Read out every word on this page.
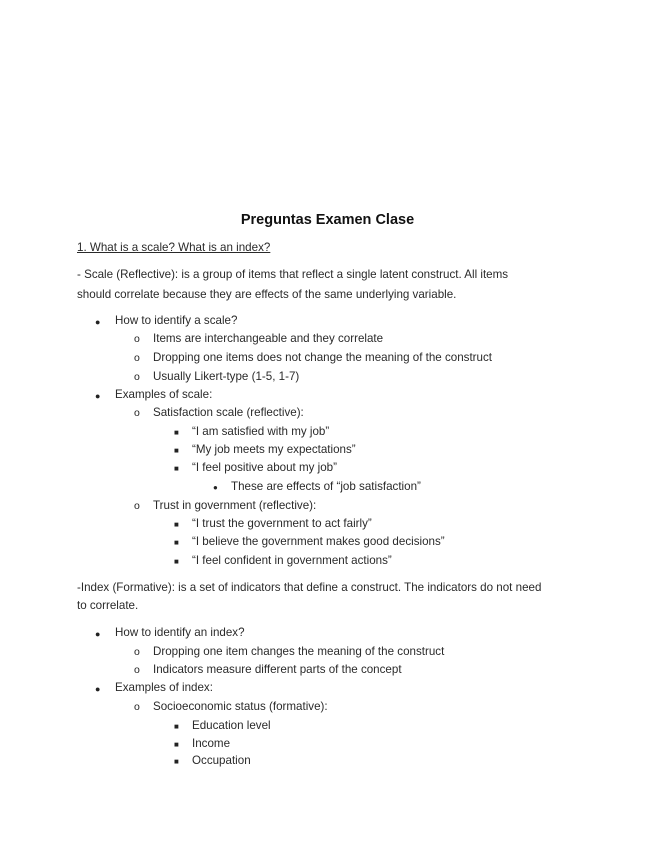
Preguntas Examen Clase
1. What is a scale? What is an index?
- Scale (Reflective): is a group of items that reflect a single latent construct. All items
should correlate because they are effects of the same underlying variable.
● How to identify a scale?
o Items are interchangeable and they correlate
o Dropping one items does not change the meaning of the construct
o Usually Likert-type (1-5, 1-7)
● Examples of scale:
o Satisfaction scale (reflective):
■ “I am satisfied with my job”
■ “My job meets my expectations”
■ “I feel positive about my job”
● These are effects of “job satisfaction”
o Trust in government (reflective):
■ “I trust the government to act fairly”
■ “I believe the government makes good decisions”
■ “I feel confident in government actions”
-Index (Formative): is a set of indicators that define a construct. The indicators do not need
to correlate.
● How to identify an index?
o Dropping one item changes the meaning of the construct
o Indicators measure different parts of the concept
● Examples of index:
o Socioeconomic status (formative):
■ Education level
■ Income
■ Occupation
